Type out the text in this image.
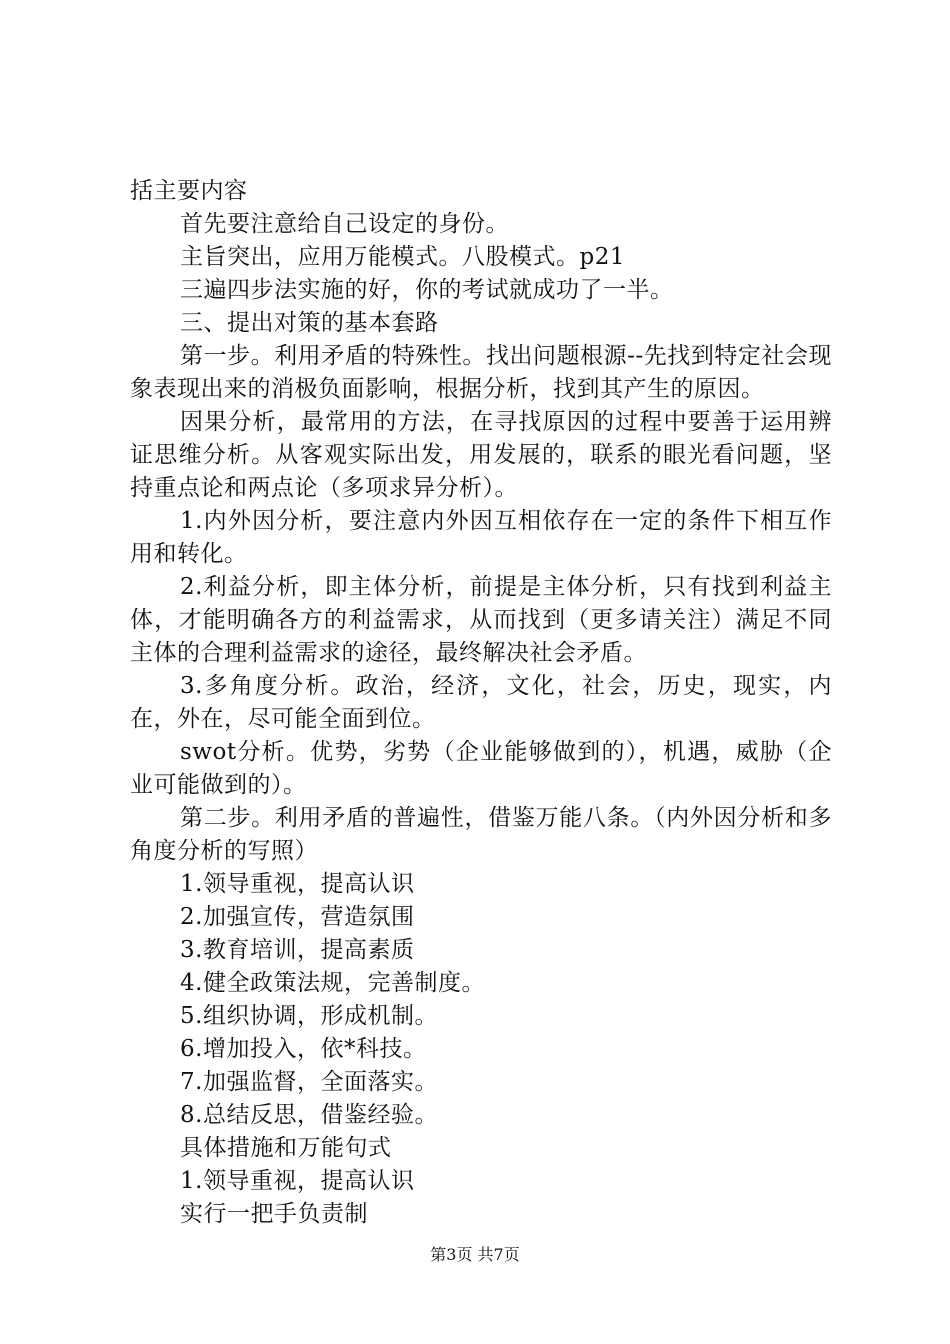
括主要内容

首先要注意给自己设定的身份。

主旨突出，应用万能模式。八股模式。p21

三遍四步法实施的好，你的考试就成功了一半。

三、提出对策的基本套路

第一步。利用矛盾的特殊性。找出问题根源--先找到特定社会现象表现出来的消极负面影响，根据分析，找到其产生的原因。

因果分析，最常用的方法，在寻找原因的过程中要善于运用辨证思维分析。从客观实际出发，用发展的，联系的眼光看问题，坚持重点论和两点论（多项求异分析）。

1.内外因分析，要注意内外因互相依存在一定的条件下相互作用和转化。

2.利益分析，即主体分析，前提是主体分析，只有找到利益主体，才能明确各方的利益需求，从而找到（更多请关注）满足不同主体的合理利益需求的途径，最终解决社会矛盾。

3.多角度分析。政治，经济，文化，社会，历史，现实，内在，外在，尽可能全面到位。

swot分析。优势，劣势（企业能够做到的），机遇，威胁（企业可能做到的）。

第二步。利用矛盾的普遍性，借鉴万能八条。（内外因分析和多角度分析的写照）

1.领导重视，提高认识

2.加强宣传，营造氛围

3.教育培训，提高素质

4.健全政策法规，完善制度。

5.组织协调，形成机制。

6.增加投入，依*科技。

7.加强监督，全面落实。

8.总结反思，借鉴经验。

具体措施和万能句式

1.领导重视，提高认识

实行一把手负责制

第3页 共7页
